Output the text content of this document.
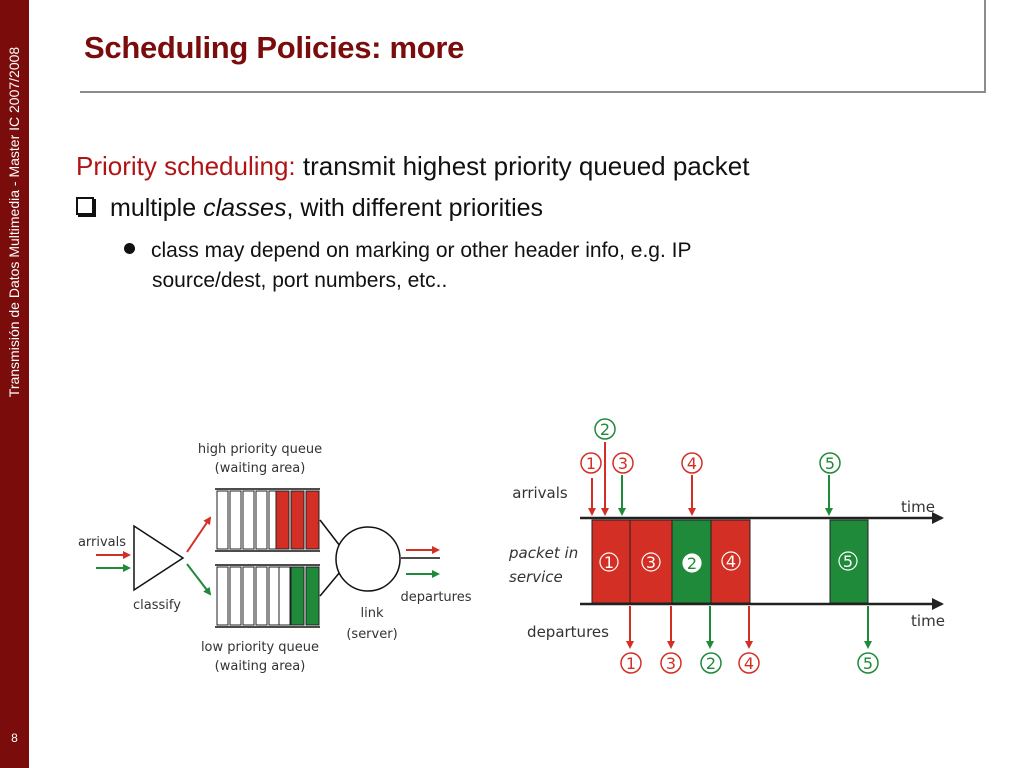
Transmisión de Datos Multimedia - Master IC 2007/2008
8
Scheduling Policies: more
Priority scheduling: transmit highest priority queued packet
multiple classes, with different priorities
class may depend on marking or other header info, e.g. IP
source/dest, port numbers, etc..
arrivals
classify
high priority queue
(waiting area)
low priority queue
(waiting area)
link
(server)
departures
arrivals
packet in
service
departures
time
time
1 3 2 4	5
1
2
3	4	5
1 3 2 4	5
